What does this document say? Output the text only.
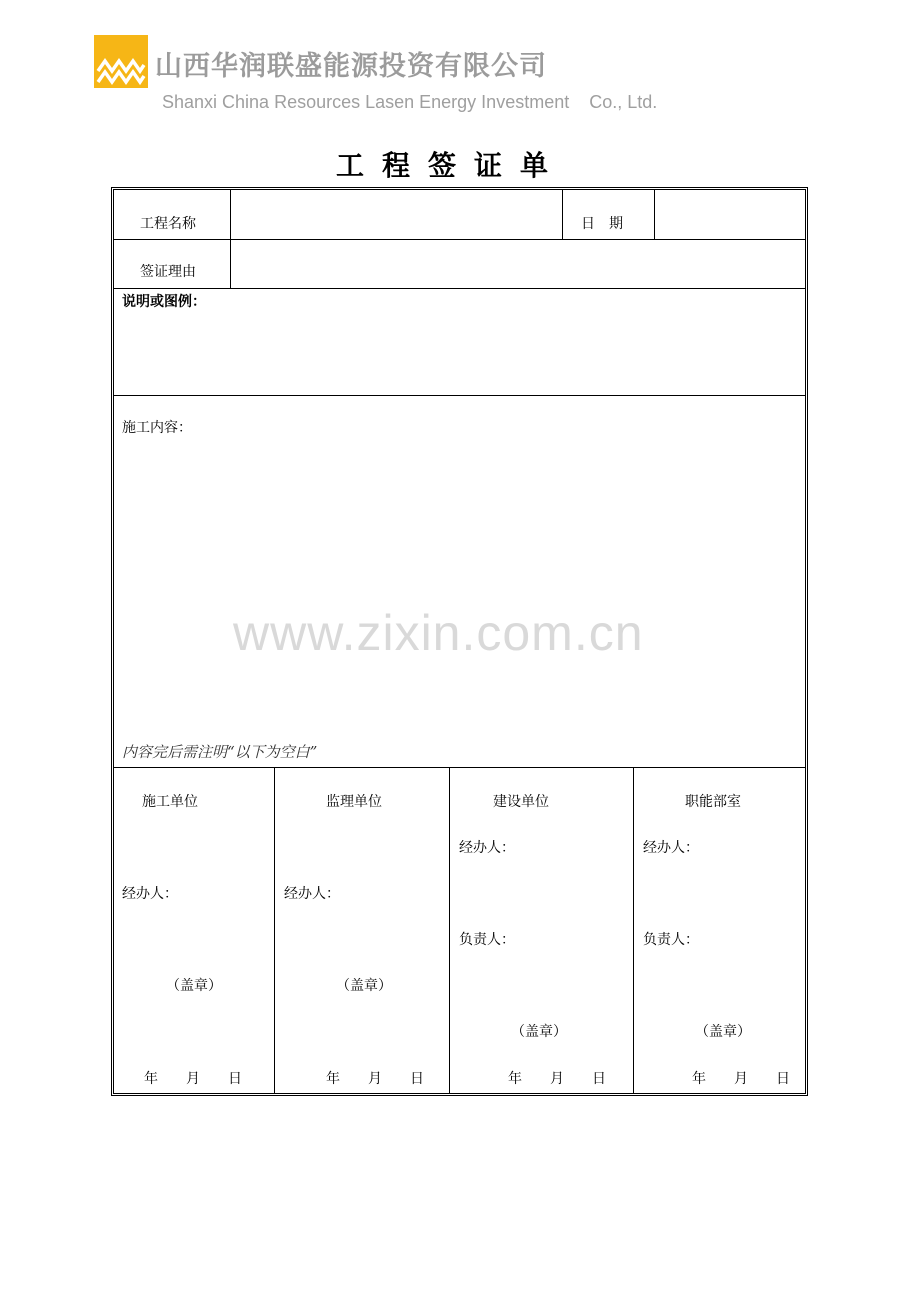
山西华润联盛能源投资有限公司
Shanxi China Resources Lasen Energy Investment    Co., Ltd.
工程签证单
工程名称	日　期
签证理由
说明或图例：
施工内容：
内容完后需注明“以下为空白”
施工单位
经办人：
（盖章）
年　　月　　日
监理单位
经办人：
（盖章）
年　　月　　日
建设单位
经办人：
负责人：
（盖章）
年　　月　　日
职能部室
经办人：
负责人：
（盖章）
年　　月　　日
www.zixin.com.cn
